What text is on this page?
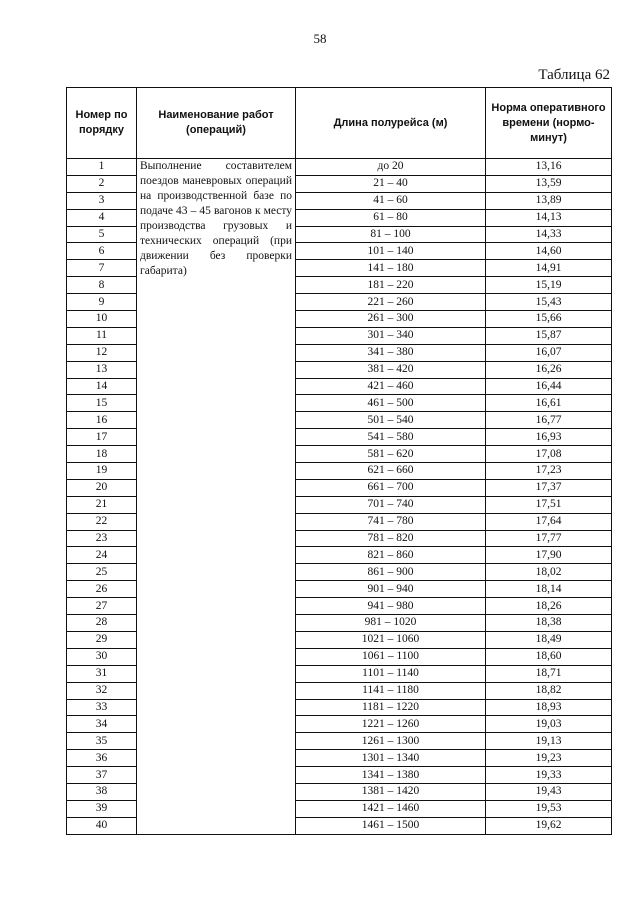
58
Таблица 62
Номер по порядку	Наименование работ (операций)	Длина полурейса (м)	Норма оперативного времени (нормо-минут)
1	Выполнение составителем поездов маневровых операций на производственной базе по подаче 43 – 45 вагонов к месту производства грузовых и технических операций (при движении без проверки габарита)	до 20	13,16
2		21 – 40	13,59
3		41 – 60	13,89
4		61 – 80	14,13
5		81 – 100	14,33
6		101 – 140	14,60
7		141 – 180	14,91
8		181 – 220	15,19
9		221 – 260	15,43
10		261 – 300	15,66
11		301 – 340	15,87
12		341 – 380	16,07
13		381 – 420	16,26
14		421 – 460	16,44
15		461 – 500	16,61
16		501 – 540	16,77
17		541 – 580	16,93
18		581 – 620	17,08
19		621 – 660	17,23
20		661 – 700	17,37
21		701 – 740	17,51
22		741 – 780	17,64
23		781 – 820	17,77
24		821 – 860	17,90
25		861 – 900	18,02
26		901 – 940	18,14
27		941 – 980	18,26
28		981 – 1020	18,38
29		1021 – 1060	18,49
30		1061 – 1100	18,60
31		1101 – 1140	18,71
32		1141 – 1180	18,82
33		1181 – 1220	18,93
34		1221 – 1260	19,03
35		1261 – 1300	19,13
36		1301 – 1340	19,23
37		1341 – 1380	19,33
38		1381 – 1420	19,43
39		1421 – 1460	19,53
40		1461 – 1500	19,62
